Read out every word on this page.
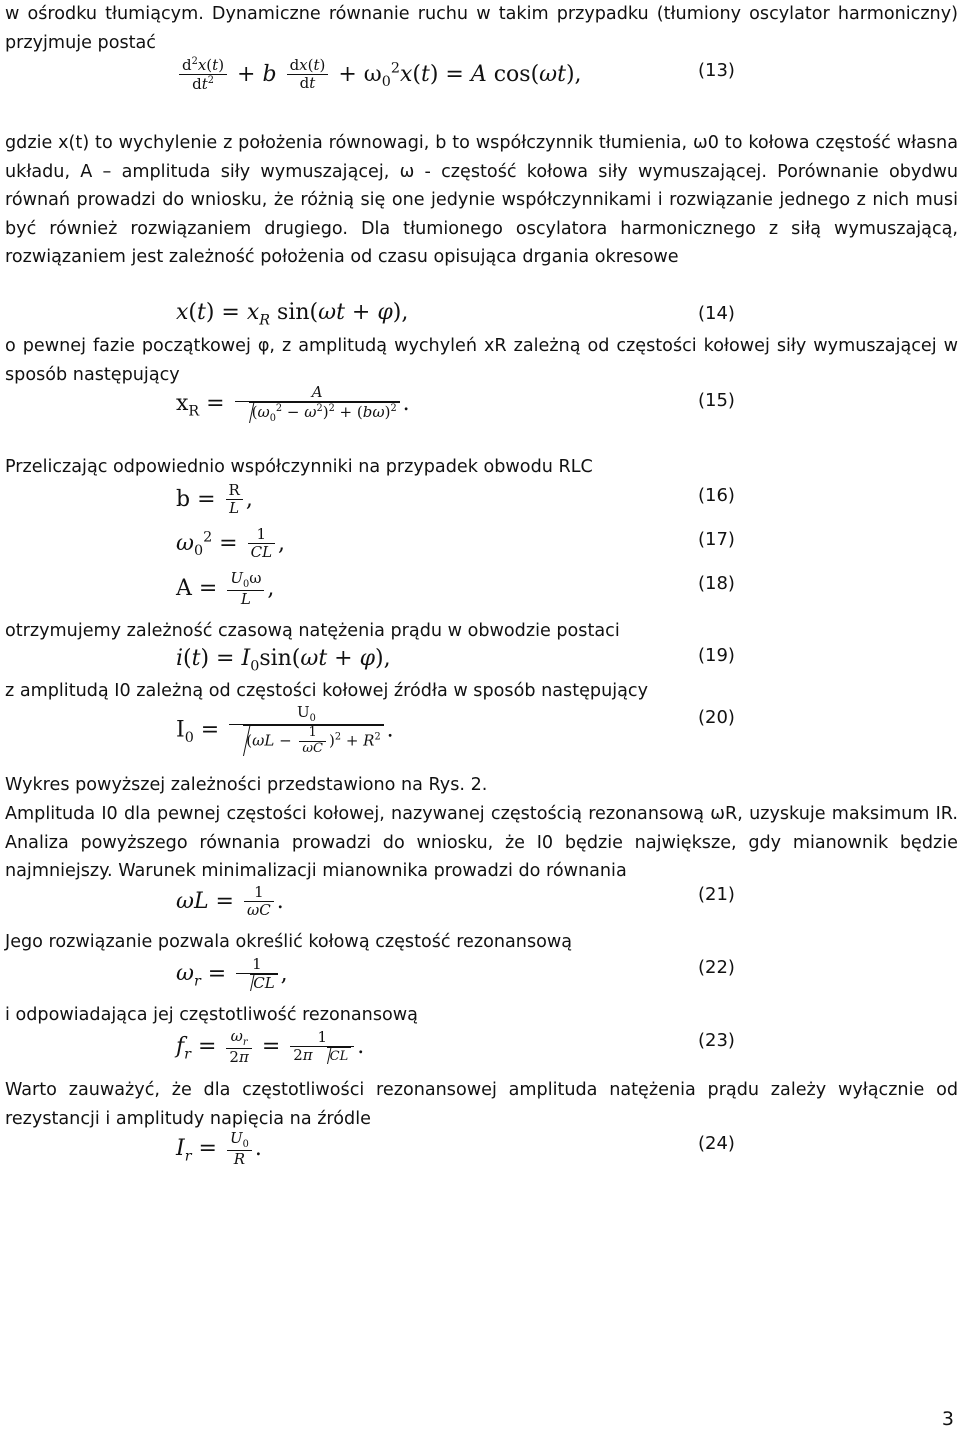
w ośrodku tłumiącym. Dynamiczne równanie ruchu w takim przypadku (tłumiony oscylator harmoniczny) przyjmuje postać
$\frac{d^2x(t)}{dt^2} + b \frac{dx(t)}{dt} + \omega_0^2x(t) = A$ cos(ωt),	(13)
gdzie x(t) to wychylenie z położenia równowagi, b to współczynnik tłumienia, ω0 to kołowa częstość własna układu, A – amplituda siły wymuszającej, ω - częstość kołowa siły wymuszającej. Porównanie obydwu równań prowadzi do wniosku, że różnią się one jedynie współczynnikami i rozwiązanie jednego z nich musi być również rozwiązaniem drugiego. Dla tłumionego oscylatora harmonicznego z siłą wymuszającą, rozwiązaniem jest zależność położenia od czasu opisująca drgania okresowe
$x(t) = x_R$ sin(ωt + φ),	(14)
o pewnej fazie początkowej φ, z amplitudą wychyleń xR zależną od częstości kołowej siły wymuszającej w sposób następujący
$x_R = \frac{A}{(\omega_0^2 - \omega^2)^2 + (b\omega)^2}$ .	(15)
Przeliczając odpowiednio współczynniki na przypadek obwodu RLC
$b = \frac{R}{L}$ ,	(16)
$\omega_0^2 = \frac{1}{CL}$ ,	(17)
$A = \frac{U_0\omega}{L}$ ,	(18)
otrzymujemy zależność czasową natężenia prądu w obwodzie postaci
$i(t) = I_0\sin(\omega t + \varphi)$,	(19)
z amplitudą I0 zależną od częstości kołowej źródła w sposób następujący
$I_0 = \frac{U_0}{(\omega L - \frac{1}{\omega C} )^2 + R^2}$ .
(20)
Wykres powyższej zależności przedstawiono na Rys. 2.
Amplituda I0 dla pewnej częstości kołowej, nazywanej częstością rezonansową ωR, uzyskuje maksimum IR. Analiza powyższego równania prowadzi do wniosku, że I0 będzie największe, gdy mianownik będzie najmniejszy. Warunek minimalizacji mianownika prowadzi do równania
$\omega L = \frac{1}{\omega C}$ .	(21)
Jego rozwiązanie pozwala określić kołową częstość rezonansową
$\omega_r = \frac{1}{CL}$ ,	(22)
i odpowiadająca jej częstotliwość rezonansową
$f_r = \frac{\omega_r}{2\pi}$ =	1
2π CL .	(23)
Warto zauważyć, że dla częstotliwości rezonansowej amplituda natężenia prądu zależy wyłącznie od rezystancji i amplitudy napięcia na źródle
$I_r = \frac{U_0}{R}$ .	(24)
3
